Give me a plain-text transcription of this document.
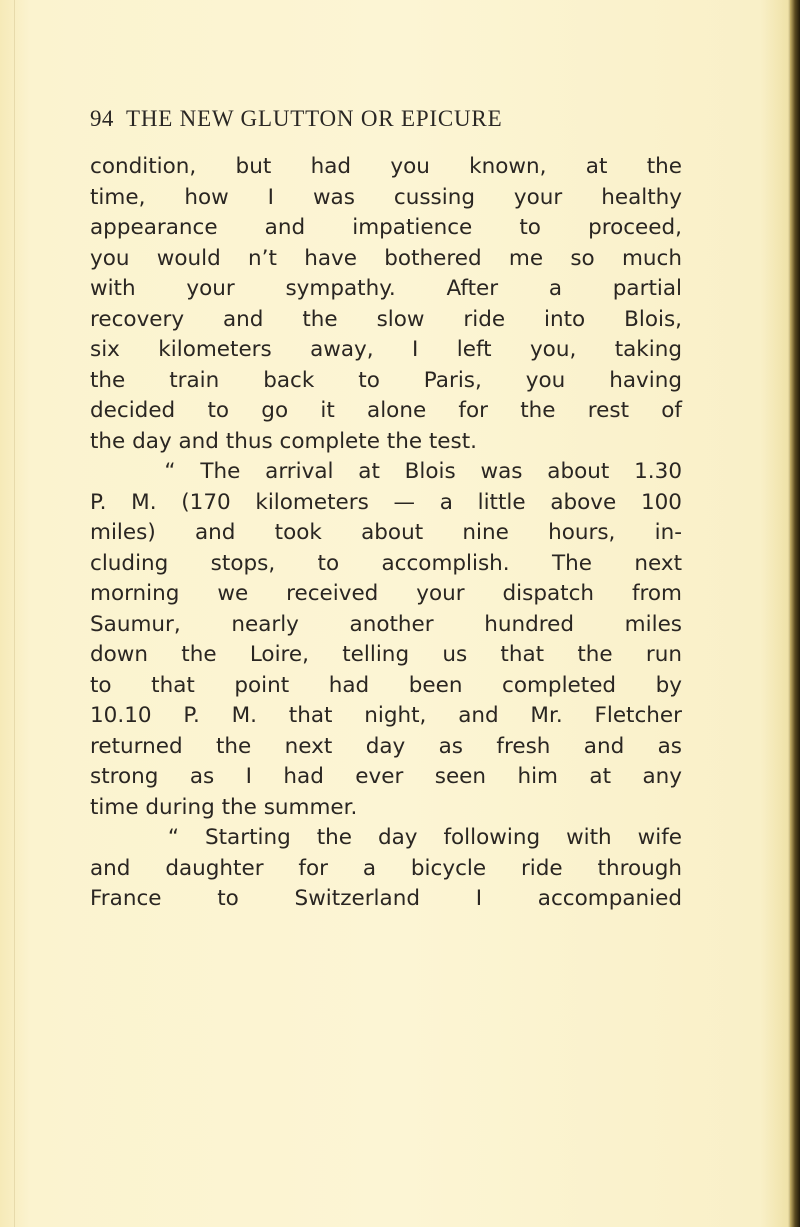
94 THE NEW GLUTTON OR EPICURE
condition, but had you known, at the
time, how I was cussing your healthy
appearance and impatience to proceed,
you would n’t have bothered me so much
with your sympathy. After a partial
recovery and the slow ride into Blois,
six kilometers away, I left you, taking
the train back to Paris, you having
decided to go it alone for the rest of
the day and thus complete the test.
“ The arrival at Blois was about 1.30
P. M. (170 kilometers — a little above 100
miles) and took about nine hours, in-
cluding stops, to accomplish. The next
morning we received your dispatch from
Saumur, nearly another hundred miles
down the Loire, telling us that the run
to that point had been completed by
10.10 P. M. that night, and Mr. Fletcher
returned the next day as fresh and as
strong as I had ever seen him at any
time during the summer.
“ Starting the day following with wife
and daughter for a bicycle ride through
France to Switzerland I accompanied
